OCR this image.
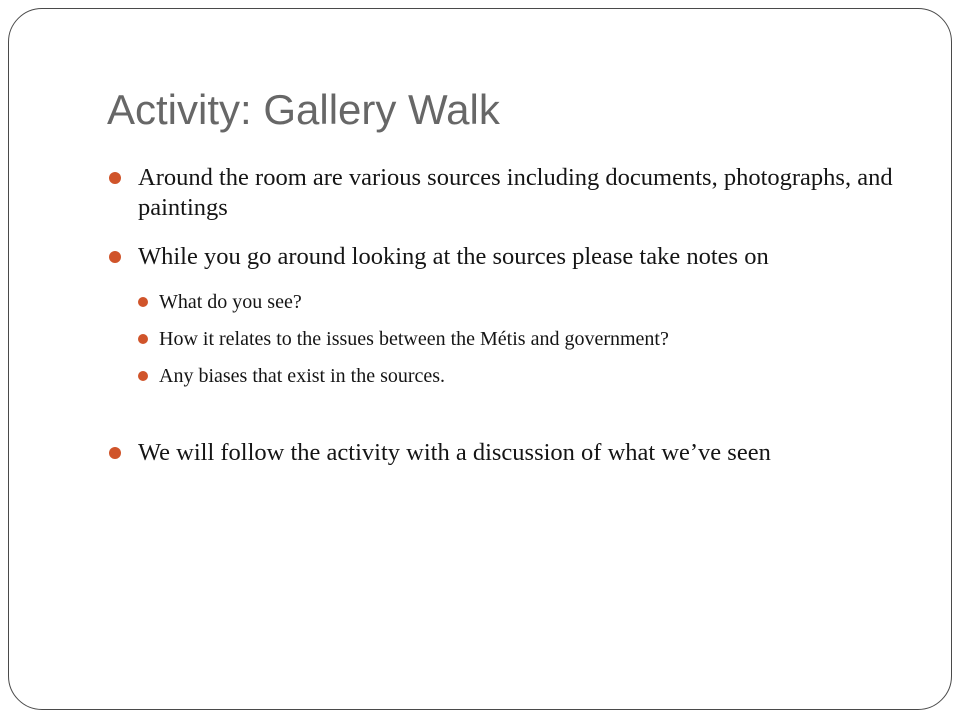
Activity: Gallery Walk
Around the room are various sources including documents, photographs, and paintings
While you go around looking at the sources please take notes on
What do you see?
How it relates to the issues between the Métis and government?
Any biases that exist in the sources.
We will follow the activity with a discussion of what we’ve seen
